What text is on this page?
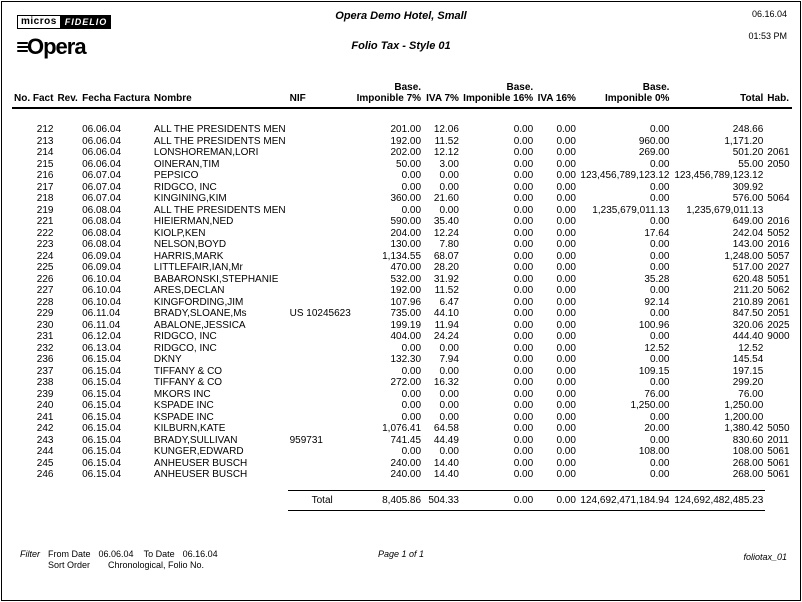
micros FIDELIO
Opera
Opera Demo Hotel, Small
Folio Tax - Style 01
06.16.04
01:53 PM
					Base.		Base.		Base.		
No. Fact	Rev.	Fecha Factura	Nombre	NIF	Imponible 7%	IVA 7%	Imponible 16%	IVA 16%	Imponible 0%	Total	Hab.
212		06.06.04	ALL THE PRESIDENTS MEN		201.00	12.06	0.00	0.00	0.00	248.66	
213		06.06.04	ALL THE PRESIDENTS MEN		192.00	11.52	0.00	0.00	960.00	1,171.20	
214		06.06.04	LONSHOREMAN,LORI		202.00	12.12	0.00	0.00	269.00	501.20	2061
215		06.06.04	OINERAN,TIM		50.00	3.00	0.00	0.00	0.00	55.00	2050
216		06.07.04	PEPSICO		0.00	0.00	0.00	0.00	123,456,789,123.12	123,456,789,123.12	
217		06.07.04	RIDGCO, INC		0.00	0.00	0.00	0.00	0.00	309.92	
218		06.07.04	KINGINING,KIM		360.00	21.60	0.00	0.00	0.00	576.00	5064
219		06.08.04	ALL THE PRESIDENTS MEN		0.00	0.00	0.00	0.00	1,235,679,011.13	1,235,679,011.13	
221		06.08.04	HIEIERMAN,NED		590.00	35.40	0.00	0.00	0.00	649.00	2016
222		06.08.04	KIOLP,KEN		204.00	12.24	0.00	0.00	17.64	242.04	5052
223		06.08.04	NELSON,BOYD		130.00	7.80	0.00	0.00	0.00	143.00	2016
224		06.09.04	HARRIS,MARK		1,134.55	68.07	0.00	0.00	0.00	1,248.00	5057
225		06.09.04	LITTLEFAIR,IAN,Mr		470.00	28.20	0.00	0.00	0.00	517.00	2027
226		06.10.04	BABARONSKI,STEPHANIE		532.00	31.92	0.00	0.00	35.28	620.48	5051
227		06.10.04	ARES,DECLAN		192.00	11.52	0.00	0.00	0.00	211.20	5062
228		06.10.04	KINGFORDING,JIM		107.96	6.47	0.00	0.00	92.14	210.89	2061
229		06.11.04	BRADY,SLOANE,Ms	US 10245623	735.00	44.10	0.00	0.00	0.00	847.50	2051
230		06.11.04	ABALONE,JESSICA		199.19	11.94	0.00	0.00	100.96	320.06	2025
231		06.12.04	RIDGCO, INC		404.00	24.24	0.00	0.00	0.00	444.40	9000
232		06.13.04	RIDGCO, INC		0.00	0.00	0.00	0.00	12.52	12.52	
236		06.15.04	DKNY		132.30	7.94	0.00	0.00	0.00	145.54	
237		06.15.04	TIFFANY & CO		0.00	0.00	0.00	0.00	109.15	197.15	
238		06.15.04	TIFFANY & CO		272.00	16.32	0.00	0.00	0.00	299.20	
239		06.15.04	MKORS INC		0.00	0.00	0.00	0.00	76.00	76.00	
240		06.15.04	KSPADE INC		0.00	0.00	0.00	0.00	1,250.00	1,250.00	
241		06.15.04	KSPADE INC		0.00	0.00	0.00	0.00	0.00	1,200.00	
242		06.15.04	KILBURN,KATE		1,076.41	64.58	0.00	0.00	20.00	1,380.42	5050
243		06.15.04	BRADY,SULLIVAN	959731	741.45	44.49	0.00	0.00	0.00	830.60	2011
244		06.15.04	KUNGER,EDWARD		0.00	0.00	0.00	0.00	108.00	108.00	5061
245		06.15.04	ANHEUSER BUSCH		240.00	14.40	0.00	0.00	0.00	268.00	5061
246		06.15.04	ANHEUSER BUSCH		240.00	14.40	0.00	0.00	0.00	268.00	5061

				Total	8,405.86	504.33	0.00	0.00	124,692,471,184.94	124,692,482,485.23	
Filter From Date 06.06.04 To Date 06.16.04
Sort Order Chronological, Folio No.
Page 1 of 1	foliotax_01
